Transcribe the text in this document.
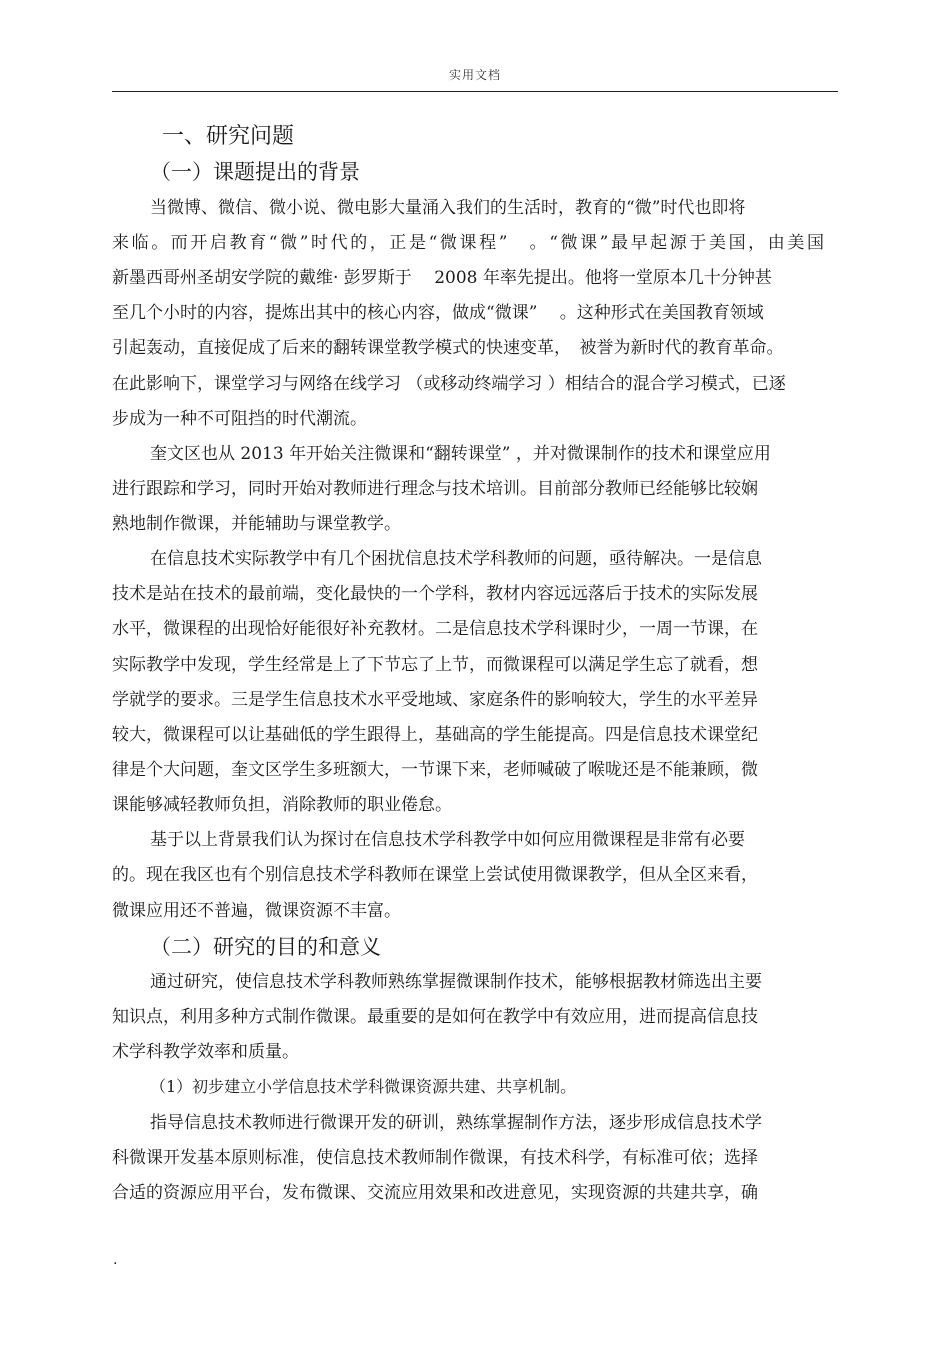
实用文档
一、研究问题
（一）课题提出的背景
当微博、微信、微小说、微电影大量涌入我们的生活时，教育的“微”时代也即将
来临。而开启教育“微”时代的，正是“微课程”　。“微课”最早起源于美国，由美国
新墨西哥州圣胡安学院的戴维· 彭罗斯于　 2008 年率先提出。他将一堂原本几十分钟甚
至几个小时的内容，提炼出其中的核心内容，做成“微课”　 。这种形式在美国教育领域
引起轰动，直接促成了后来的翻转课堂教学模式的快速变革，　被誉为新时代的教育革命。
在此影响下，课堂学习与网络在线学习 （或移动终端学习 ）相结合的混合学习模式，已逐
步成为一种不可阻挡的时代潮流。
奎文区也从 2013 年开始关注微课和“翻转课堂” ，并对微课制作的技术和课堂应用
进行跟踪和学习，同时开始对教师进行理念与技术培训。目前部分教师已经能够比较娴
熟地制作微课，并能辅助与课堂教学。
在信息技术实际教学中有几个困扰信息技术学科教师的问题，亟待解决。一是信息
技术是站在技术的最前端，变化最快的一个学科，教材内容远远落后于技术的实际发展
水平，微课程的出现恰好能很好补充教材。二是信息技术学科课时少，一周一节课，在
实际教学中发现，学生经常是上了下节忘了上节，而微课程可以满足学生忘了就看，想
学就学的要求。三是学生信息技术水平受地域、家庭条件的影响较大，学生的水平差异
较大，微课程可以让基础低的学生跟得上，基础高的学生能提高。四是信息技术课堂纪
律是个大问题，奎文区学生多班额大，一节课下来，老师喊破了喉咙还是不能兼顾，微
课能够减轻教师负担，消除教师的职业倦怠。
基于以上背景我们认为探讨在信息技术学科教学中如何应用微课程是非常有必要
的。现在我区也有个别信息技术学科教师在课堂上尝试使用微课教学，但从全区来看，
微课应用还不普遍，微课资源不丰富。
（二）研究的目的和意义
通过研究，使信息技术学科教师熟练掌握微课制作技术，能够根据教材筛选出主要
知识点，利用多种方式制作微课。最重要的是如何在教学中有效应用，进而提高信息技
术学科教学效率和质量。
（1）初步建立小学信息技术学科微课资源共建、共享机制。
指导信息技术教师进行微课开发的研训，熟练掌握制作方法，逐步形成信息技术学
科微课开发基本原则标准，使信息技术教师制作微课，有技术科学，有标准可依；选择
合适的资源应用平台，发布微课、交流应用效果和改进意见，实现资源的共建共享，确
.
